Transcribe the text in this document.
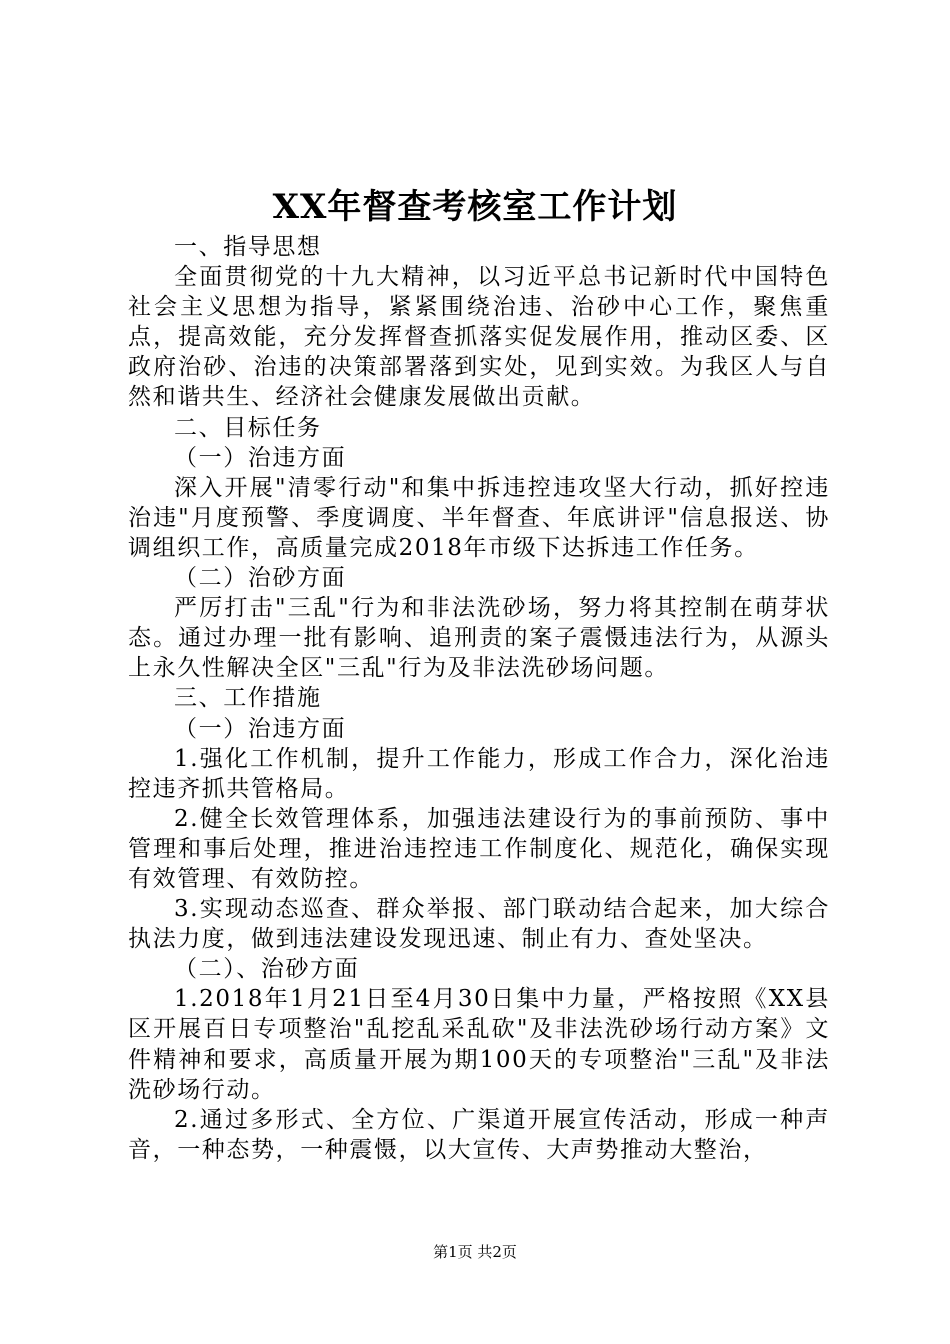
XX年督查考核室工作计划

一、指导思想

全面贯彻党的十九大精神，以习近平总书记新时代中国特色社会主义思想为指导，紧紧围绕治违、治砂中心工作，聚焦重点，提高效能，充分发挥督查抓落实促发展作用，推动区委、区政府治砂、治违的决策部署落到实处，见到实效。为我区人与自然和谐共生、经济社会健康发展做出贡献。

二、目标任务

（一）治违方面

深入开展"清零行动"和集中拆违控违攻坚大行动，抓好控违治违"月度预警、季度调度、半年督查、年底讲评"信息报送、协调组织工作，高质量完成2018年市级下达拆违工作任务。

（二）治砂方面

严厉打击"三乱"行为和非法洗砂场，努力将其控制在萌芽状态。通过办理一批有影响、追刑责的案子震慑违法行为，从源头上永久性解决全区"三乱"行为及非法洗砂场问题。

三、工作措施

（一）治违方面

1.强化工作机制，提升工作能力，形成工作合力，深化治违控违齐抓共管格局。

2.健全长效管理体系，加强违法建设行为的事前预防、事中管理和事后处理，推进治违控违工作制度化、规范化，确保实现有效管理、有效防控。

3.实现动态巡查、群众举报、部门联动结合起来，加大综合执法力度，做到违法建设发现迅速、制止有力、查处坚决。

（二）、治砂方面

1.2018年1月21日至4月30日集中力量，严格按照《XX县区开展百日专项整治"乱挖乱采乱砍"及非法洗砂场行动方案》文件精神和要求，高质量开展为期100天的专项整治"三乱"及非法洗砂场行动。

2.通过多形式、全方位、广渠道开展宣传活动，形成一种声音，一种态势，一种震慑，以大宣传、大声势推动大整治，

第1页 共2页
